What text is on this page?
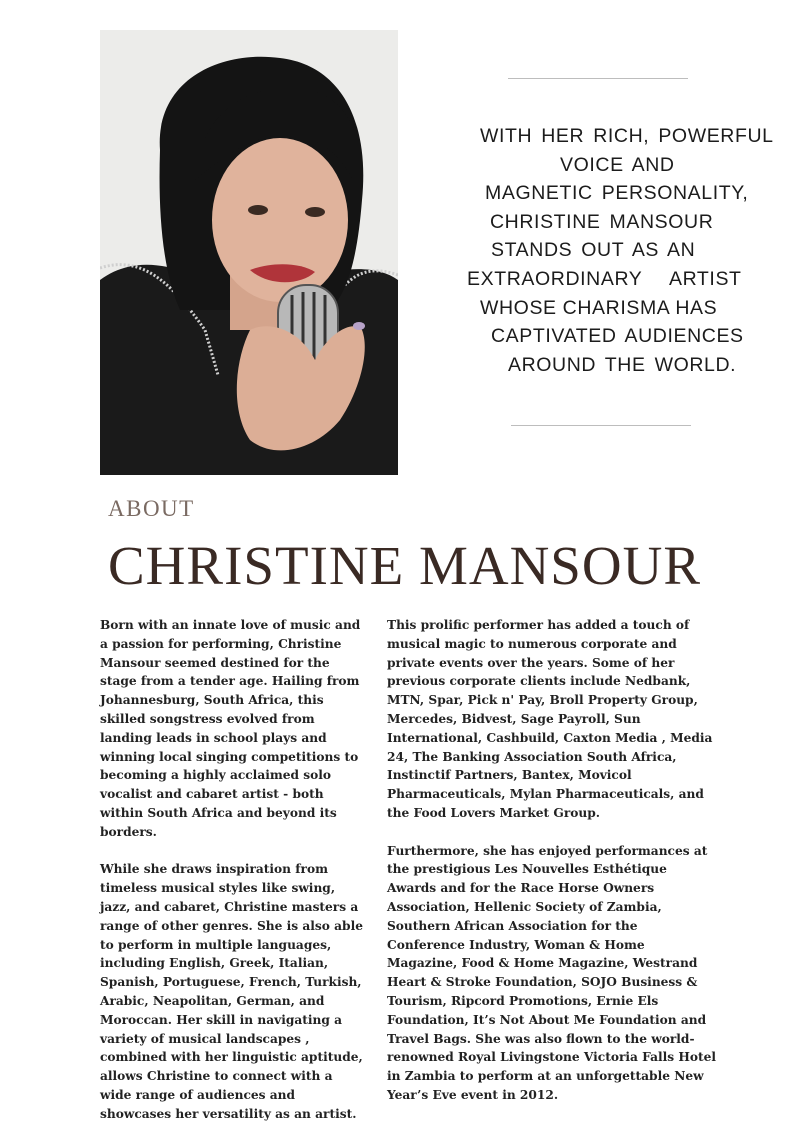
WITH HER RICH, POWERFUL
VOICE AND
MAGNETIC PERSONALITY,
CHRISTINE MANSOUR
STANDS OUT AS AN
EXTRAORDINARY ARTIST
WHOSE CHARISMA HAS
CAPTIVATED AUDIENCES
AROUND THE WORLD.
ABOUT
CHRISTINE MANSOUR

Born with an innate love of music and a passion for performing, Christine Mansour seemed destined for the stage from a tender age. Hailing from Johannesburg, South Africa, this skilled songstress evolved from landing leads in school plays and winning local singing competitions to becoming a highly acclaimed solo vocalist and cabaret artist - both within South Africa and beyond its borders.

While she draws inspiration from timeless musical styles like swing, jazz, and cabaret, Christine masters a range of other genres. She is also able to perform in multiple languages, including English, Greek, Italian, Spanish, Portuguese, French, Turkish, Arabic, Neapolitan, German, and Moroccan. Her skill in navigating a variety of musical landscapes , combined with her linguistic aptitude, allows Christine to connect with a wide range of audiences and showcases her versatility as an artist.

This prolific performer has added a touch of musical magic to numerous corporate and private events over the years. Some of her previous corporate clients include Nedbank, MTN, Spar, Pick n' Pay, Broll Property Group, Mercedes, Bidvest, Sage Payroll, Sun International, Cashbuild, Caxton Media , Media 24, The Banking Association South Africa, Instinctif Partners, Bantex, Movicol Pharmaceuticals, Mylan Pharmaceuticals, and the Food Lovers Market Group.

Furthermore, she has enjoyed performances at the prestigious Les Nouvelles Esthétique Awards and for the Race Horse Owners Association, Hellenic Society of Zambia, Southern African Association for the Conference Industry, Woman & Home Magazine, Food & Home Magazine, Westrand Heart & Stroke Foundation, SOJO Business & Tourism, Ripcord Promotions, Ernie Els Foundation, It’s Not About Me Foundation and Travel Bags. She was also flown to the world-renowned Royal Livingstone Victoria Falls Hotel in Zambia to perform at an unforgettable New Year’s Eve event in 2012.
